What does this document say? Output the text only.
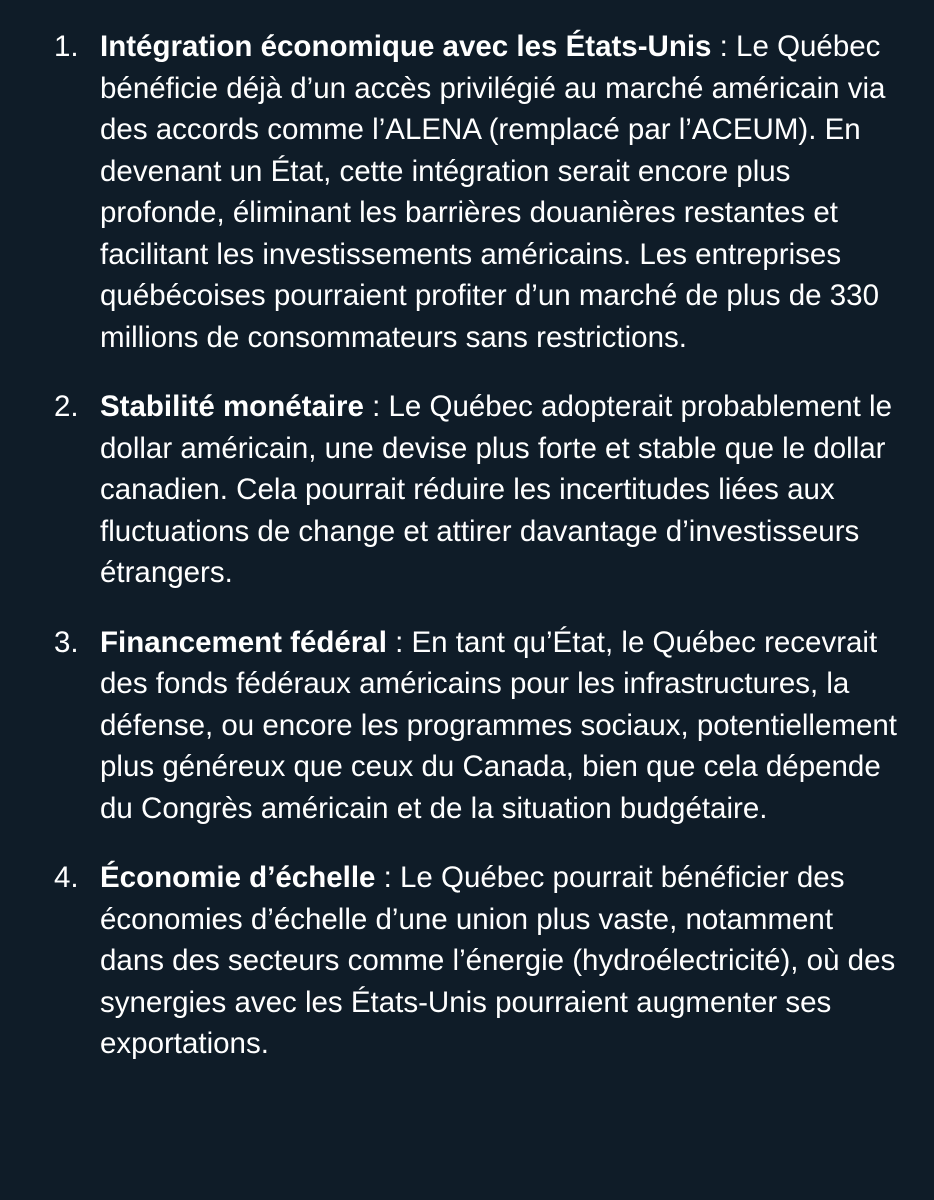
1. Intégration économique avec les États-Unis : Le Québec bénéficie déjà d’un accès privilégié au marché américain via des accords comme l’ALENA (remplacé par l’ACEUM). En devenant un État, cette intégration serait encore plus profonde, éliminant les barrières douanières restantes et facilitant les investissements américains. Les entreprises québécoises pourraient profiter d’un marché de plus de 330 millions de consommateurs sans restrictions.
2. Stabilité monétaire : Le Québec adopterait probablement le dollar américain, une devise plus forte et stable que le dollar canadien. Cela pourrait réduire les incertitudes liées aux fluctuations de change et attirer davantage d’investisseurs étrangers.
3. Financement fédéral : En tant qu’État, le Québec recevrait des fonds fédéraux américains pour les infrastructures, la défense, ou encore les programmes sociaux, potentiellement plus généreux que ceux du Canada, bien que cela dépende du Congrès américain et de la situation budgétaire.
4. Économie d’échelle : Le Québec pourrait bénéficier des économies d’échelle d’une union plus vaste, notamment dans des secteurs comme l’énergie (hydroélectricité), où des synergies avec les États-Unis pourraient augmenter ses exportations.
